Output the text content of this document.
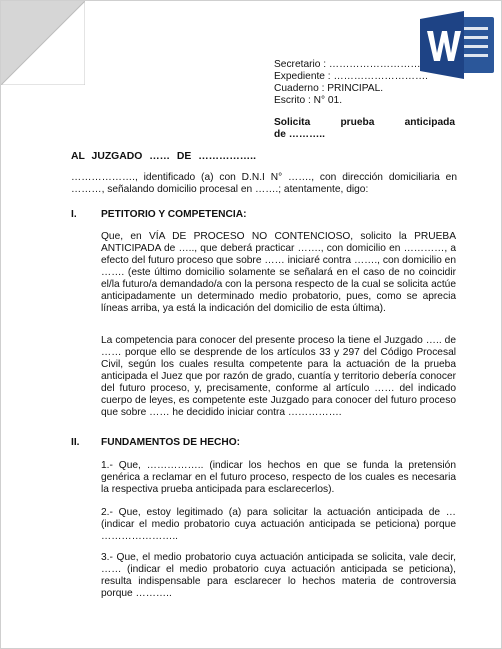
Secretario : ………………………
Expediente : ……………………….
Cuaderno : PRINCIPAL.
Escrito : N° 01.
Solicita prueba anticipada
de ………..
AL JUZGADO …… DE ……………..
………………., identificado (a) con D.N.I N° ……., con dirección domiciliaria en ………, señalando domicilio procesal en …….; atentamente, digo:
I. PETITORIO Y COMPETENCIA:
Que, en VÍA DE PROCESO NO CONTENCIOSO, solicito la PRUEBA ANTICIPADA de ….., que deberá practicar ……., con domicilio en …………, a efecto del futuro proceso que sobre …… iniciaré contra ……., con domicilio en ……. (este último domicilio solamente se señalará en el caso de no coincidir el/la futuro/a demandado/a con la persona respecto de la cual se solicita actúe anticipadamente un determinado medio probatorio, pues, como se aprecia líneas arriba, ya está la indicación del domicilio de esta última).
La competencia para conocer del presente proceso la tiene el Juzgado ….. de …… porque ello se desprende de los artículos 33 y 297 del Código Procesal Civil, según los cuales resulta competente para la actuación de la prueba anticipada el Juez que por razón de grado, cuantía y territorio debería conocer del futuro proceso, y, precisamente, conforme al artículo …… del indicado cuerpo de leyes, es competente este Juzgado para conocer del futuro proceso que sobre …… he decidido iniciar contra …………….
II. FUNDAMENTOS DE HECHO:
1.- Que, …………….. (indicar los hechos en que se funda la pretensión genérica a reclamar en el futuro proceso, respecto de los cuales es necesaria la respectiva prueba anticipada para esclarecerlos).
2.- Que, estoy legitimado (a) para solicitar la actuación anticipada de … (indicar el medio probatorio cuya actuación anticipada se peticiona) porque …………………..
3.- Que, el medio probatorio cuya actuación anticipada se solicita, vale decir, …… (indicar el medio probatorio cuya actuación anticipada se peticiona), resulta indispensable para esclarecer lo hechos materia de controversia porque ………..
